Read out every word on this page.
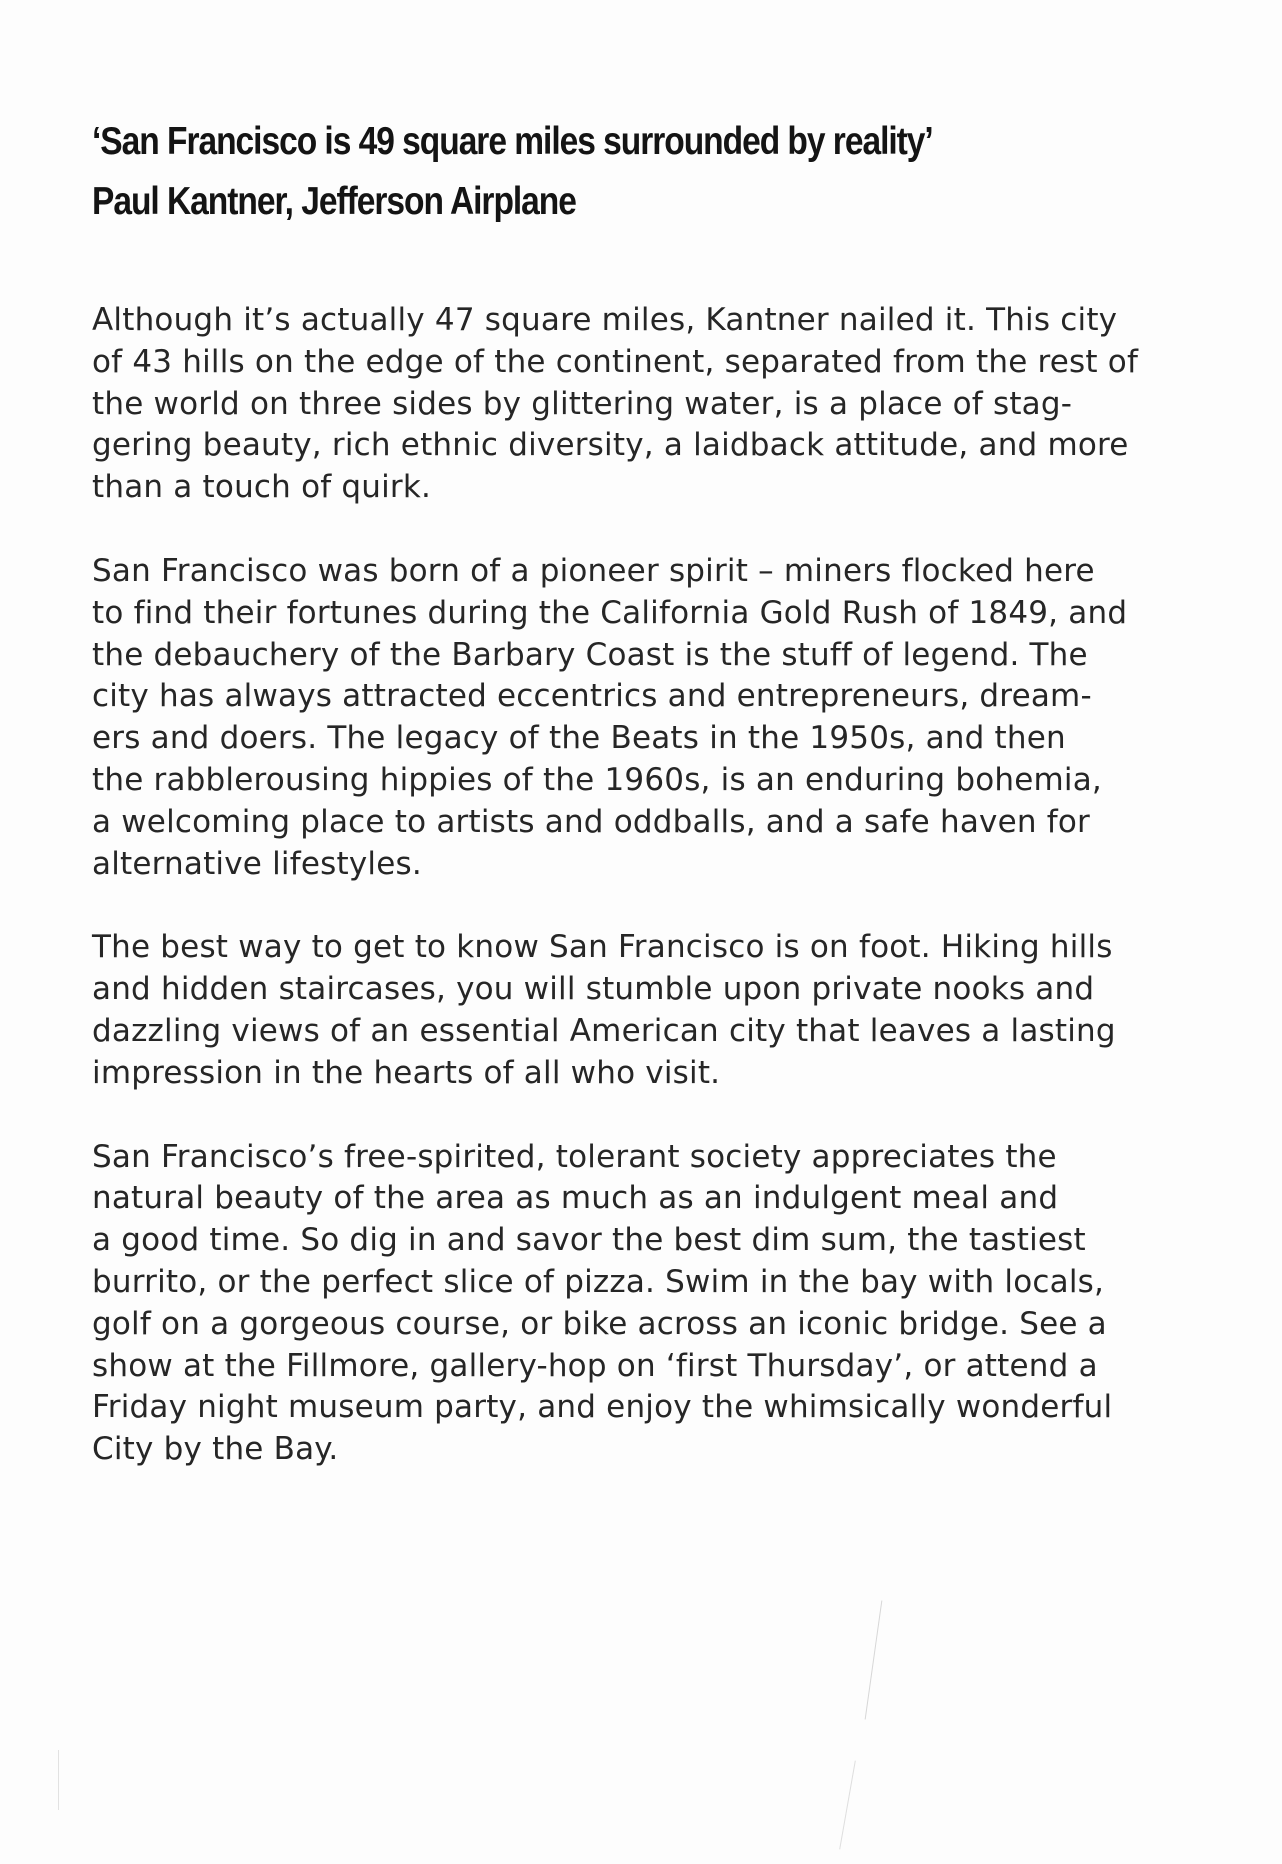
‘San Francisco is 49 square miles surrounded by reality’
Paul Kantner, Jefferson Airplane

Although it’s actually 47 square miles, Kantner nailed it. This city
of 43 hills on the edge of the continent, separated from the rest of
the world on three sides by glittering water, is a place of stag-
gering beauty, rich ethnic diversity, a laidback attitude, and more
than a touch of quirk.

San Francisco was born of a pioneer spirit – miners flocked here
to find their fortunes during the California Gold Rush of 1849, and
the debauchery of the Barbary Coast is the stuff of legend. The
city has always attracted eccentrics and entrepreneurs, dream-
ers and doers. The legacy of the Beats in the 1950s, and then
the rabblerousing hippies of the 1960s, is an enduring bohemia,
a welcoming place to artists and oddballs, and a safe haven for
alternative lifestyles.

The best way to get to know San Francisco is on foot. Hiking hills
and hidden staircases, you will stumble upon private nooks and
dazzling views of an essential American city that leaves a lasting
impression in the hearts of all who visit.

San Francisco’s free-spirited, tolerant society appreciates the
natural beauty of the area as much as an indulgent meal and
a good time. So dig in and savor the best dim sum, the tastiest
burrito, or the perfect slice of pizza. Swim in the bay with locals,
golf on a gorgeous course, or bike across an iconic bridge. See a
show at the Fillmore, gallery-hop on ‘first Thursday’, or attend a
Friday night museum party, and enjoy the whimsically wonderful
City by the Bay.
